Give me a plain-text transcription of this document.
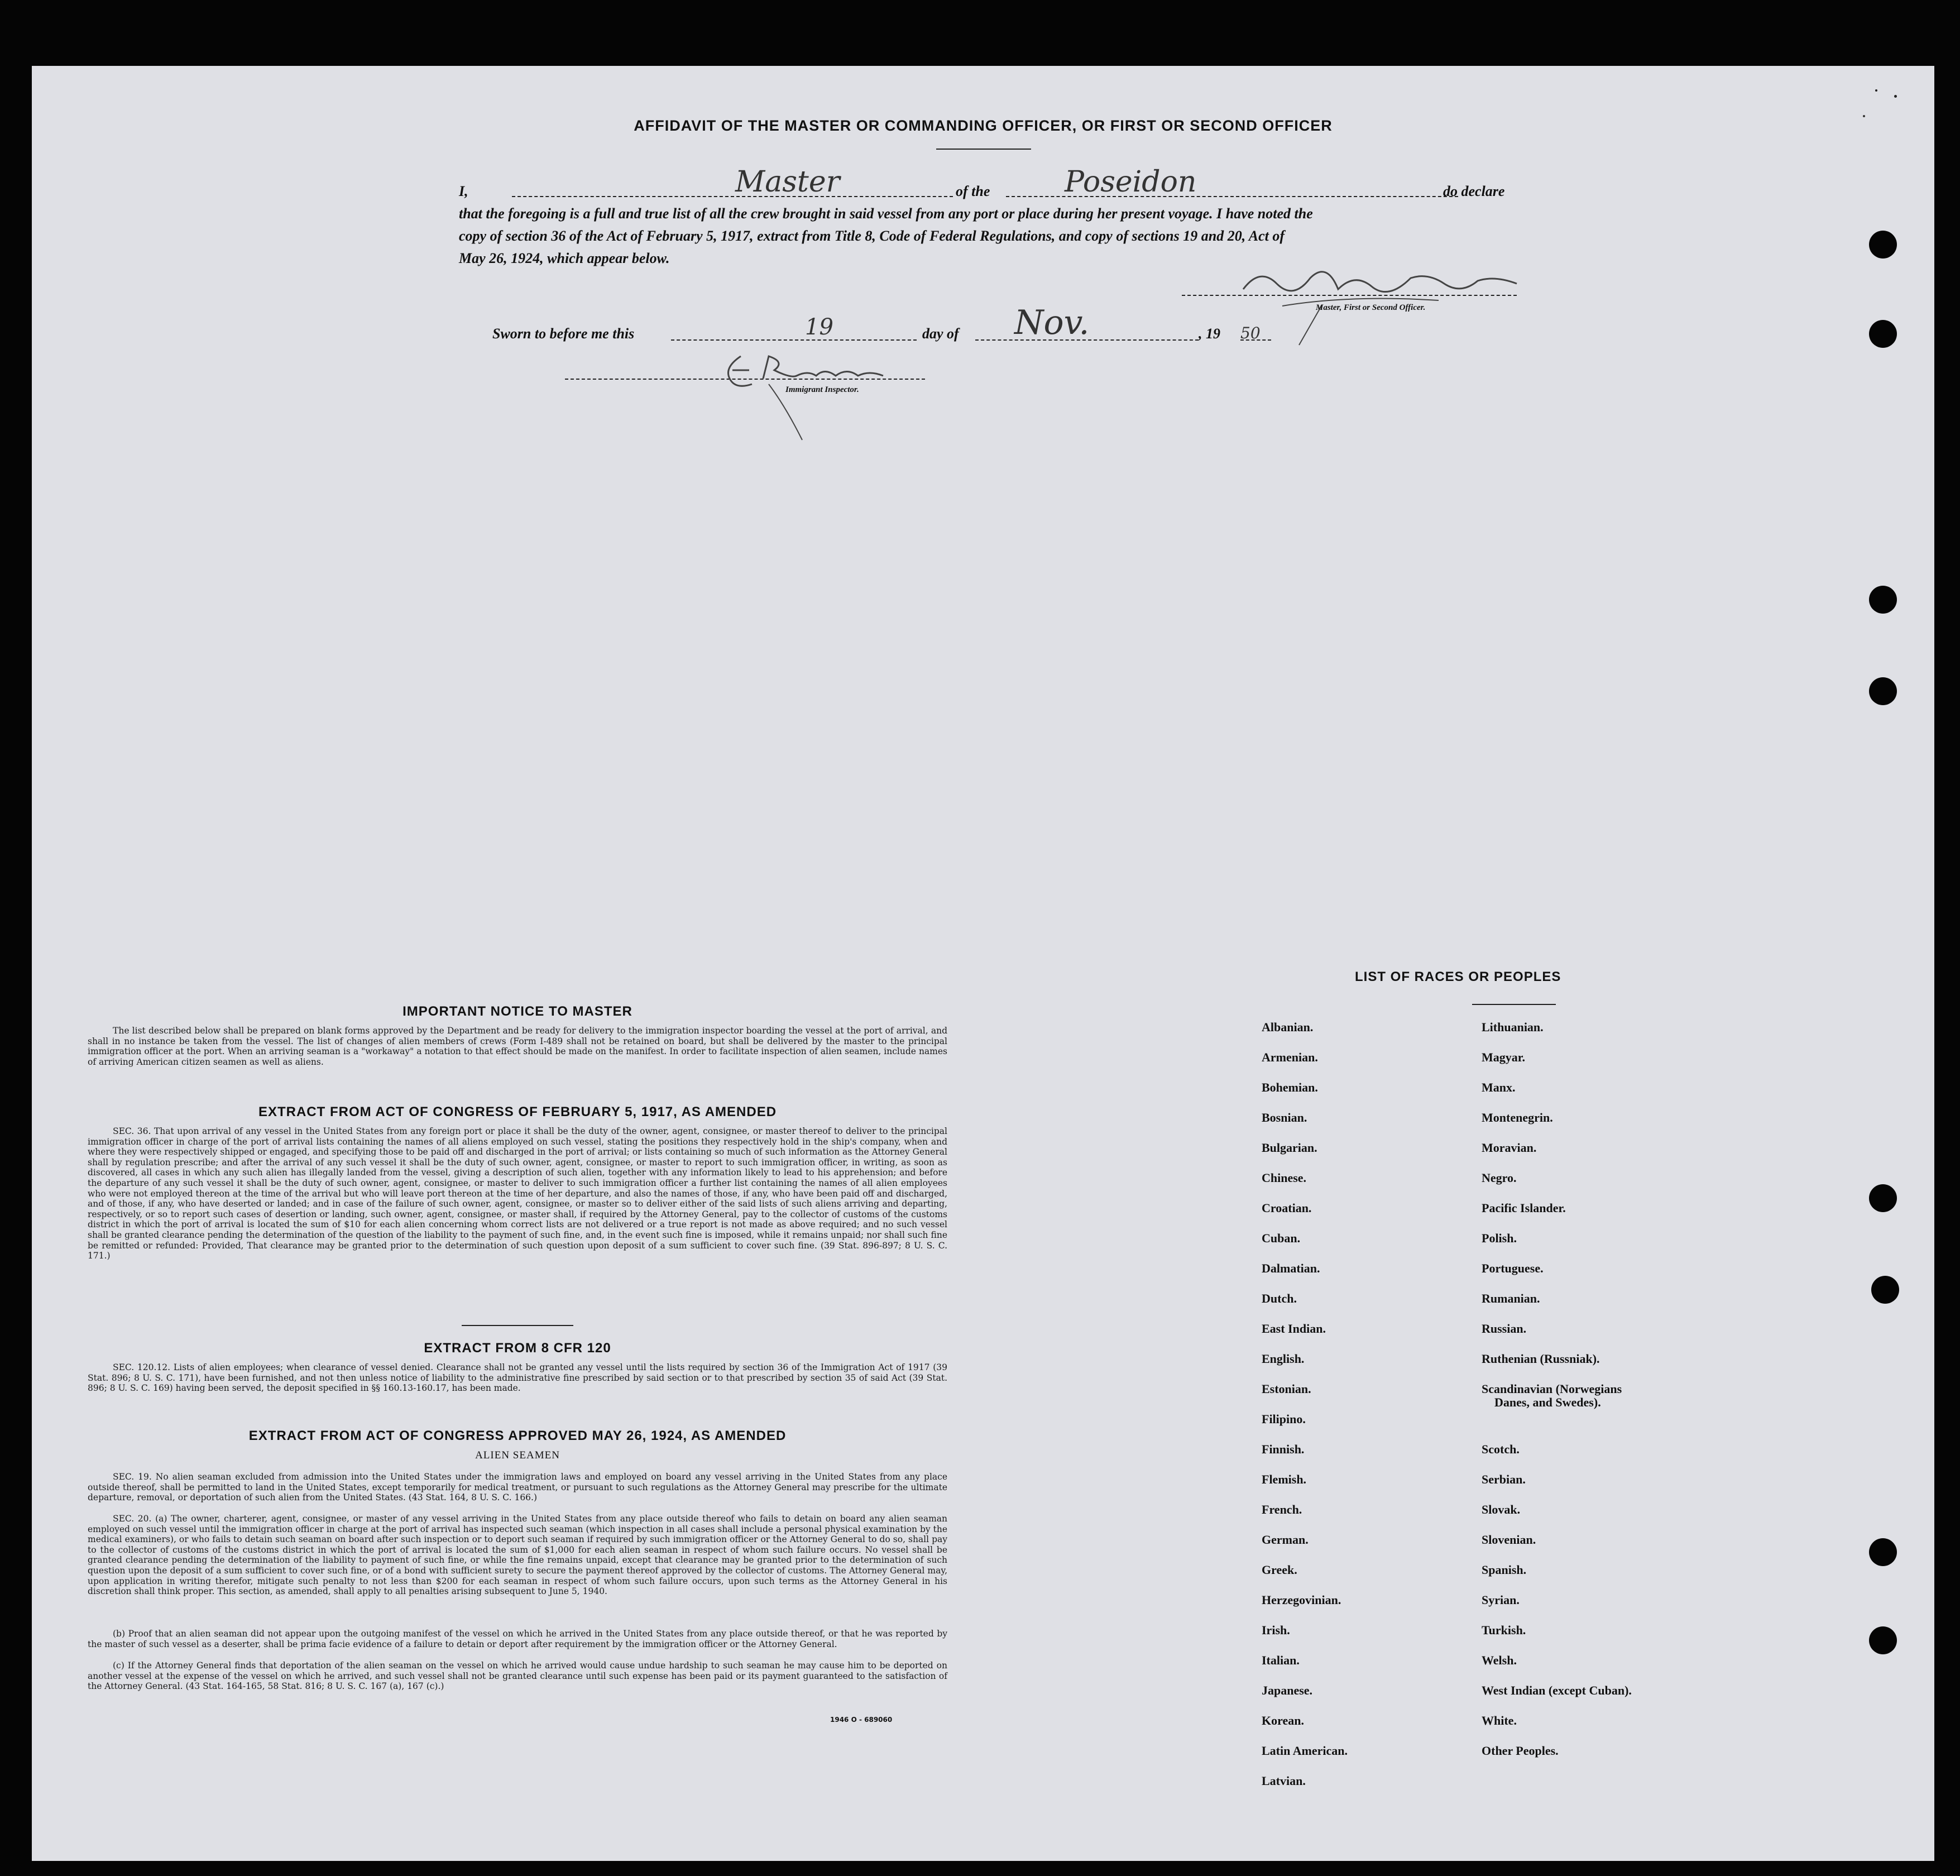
AFFIDAVIT OF THE MASTER OR COMMANDING OFFICER, OR FIRST OR SECOND OFFICER
I,	Master	of the	Poseidon	do declare
that the foregoing is a full and true list of all the crew brought in said vessel from any port or place during her present voyage. I have noted the
copy of section 36 of the Act of February 5, 1917, extract from Title 8, Code of Federal Regulations, and copy of sections 19 and 20, Act of
May 26, 1924, which appear below.
Master, First or Second Officer.
Sworn to before me this	19	day of Nov.	, 19 50
Immigrant Inspector.
IMPORTANT NOTICE TO MASTER
The list described below shall be prepared on blank forms approved by the Department and be ready for delivery to the immigration inspector boarding the vessel at the port of arrival, and shall in no instance be taken from the vessel. The list of changes of alien members of crews (Form I-489 shall not be retained on board, but shall be delivered by the master to the principal immigration officer at the port. When an arriving seaman is a "workaway" a notation to that effect should be made on the manifest. In order to facilitate inspection of alien seamen, include names of arriving American citizen seamen as well as aliens.
EXTRACT FROM ACT OF CONGRESS OF FEBRUARY 5, 1917, AS AMENDED
SEC. 36. That upon arrival of any vessel in the United States from any foreign port or place it shall be the duty of the owner, agent, consignee, or master thereof to deliver to the principal immigration officer in charge of the port of arrival lists containing the names of all aliens employed on such vessel, stating the positions they respectively hold in the ship's company, when and where they were respectively shipped or engaged, and specifying those to be paid off and discharged in the port of arrival; or lists containing so much of such information as the Attorney General shall by regulation prescribe; and after the arrival of any such vessel it shall be the duty of such owner, agent, consignee, or master to report to such immigration officer, in writing, as soon as discovered, all cases in which any such alien has illegally landed from the vessel, giving a description of such alien, together with any information likely to lead to his apprehension; and before the departure of any such vessel it shall be the duty of such owner, agent, consignee, or master to deliver to such immigration officer a further list containing the names of all alien employees who were not employed thereon at the time of the arrival but who will leave port thereon at the time of her departure, and also the names of those, if any, who have been paid off and discharged, and of those, if any, who have deserted or landed; and in case of the failure of such owner, agent, consignee, or master so to deliver either of the said lists of such aliens arriving and departing, respectively, or so to report such cases of desertion or landing, such owner, agent, consignee, or master shall, if required by the Attorney General, pay to the collector of customs of the customs district in which the port of arrival is located the sum of $10 for each alien concerning whom correct lists are not delivered or a true report is not made as above required; and no such vessel shall be granted clearance pending the determination of the question of the liability to the payment of such fine, and, in the event such fine is imposed, while it remains unpaid; nor shall such fine be remitted or refunded: Provided, That clearance may be granted prior to the determination of such question upon deposit of a sum sufficient to cover such fine. (39 Stat. 896-897; 8 U. S. C. 171.)
EXTRACT FROM 8 CFR 120
SEC. 120.12. Lists of alien employees; when clearance of vessel denied. Clearance shall not be granted any vessel until the lists required by section 36 of the Immigration Act of 1917 (39 Stat. 896; 8 U. S. C. 171), have been furnished, and not then unless notice of liability to the administrative fine prescribed by said section or to that prescribed by section 35 of said Act (39 Stat. 896; 8 U. S. C. 169) having been served, the deposit specified in §§ 160.13-160.17, has been made.
EXTRACT FROM ACT OF CONGRESS APPROVED MAY 26, 1924, AS AMENDED
ALIEN SEAMEN
SEC. 19. No alien seaman excluded from admission into the United States under the immigration laws and employed on board any vessel arriving in the United States from any place outside thereof, shall be permitted to land in the United States, except temporarily for medical treatment, or pursuant to such regulations as the Attorney General may prescribe for the ultimate departure, removal, or deportation of such alien from the United States. (43 Stat. 164, 8 U. S. C. 166.)
SEC. 20. (a) The owner, charterer, agent, consignee, or master of any vessel arriving in the United States from any place outside thereof who fails to detain on board any alien seaman employed on such vessel until the immigration officer in charge at the port of arrival has inspected such seaman (which inspection in all cases shall include a personal physical examination by the medical examiners), or who fails to detain such seaman on board after such inspection or to deport such seaman if required by such immigration officer or the Attorney General to do so, shall pay to the collector of customs of the customs district in which the port of arrival is located the sum of $1,000 for each alien seaman in respect of whom such failure occurs. No vessel shall be granted clearance pending the determination of the liability to payment of such fine, or while the fine remains unpaid, except that clearance may be granted prior to the determination of such question upon the deposit of a sum sufficient to cover such fine, or of a bond with sufficient surety to secure the payment thereof approved by the collector of customs. The Attorney General may, upon application in writing therefor, mitigate such penalty to not less than $200 for each seaman in respect of whom such failure occurs, upon such terms as the Attorney General in his discretion shall think proper. This section, as amended, shall apply to all penalties arising subsequent to June 5, 1940.
(b) Proof that an alien seaman did not appear upon the outgoing manifest of the vessel on which he arrived in the United States from any place outside thereof, or that he was reported by the master of such vessel as a deserter, shall be prima facie evidence of a failure to detain or deport after requirement by the immigration officer or the Attorney General.
(c) If the Attorney General finds that deportation of the alien seaman on the vessel on which he arrived would cause undue hardship to such seaman he may cause him to be deported on another vessel at the expense of the vessel on which he arrived, and such vessel shall not be granted clearance until such expense has been paid or its payment guaranteed to the satisfaction of the Attorney General. (43 Stat. 164-165, 58 Stat. 816; 8 U. S. C. 167 (a), 167 (c).)
1946 O - 689060
LIST OF RACES OR PEOPLES
Albanian.
Armenian.
Bohemian.
Bosnian.
Bulgarian.
Chinese.
Croatian.
Cuban.
Dalmatian.
Dutch.
East Indian.
English.
Estonian.
Filipino.
Finnish.
Flemish.
French.
German.
Greek.
Herzegovinian.
Irish.
Italian.
Japanese.
Korean.
Latin American.
Latvian.
Lithuanian.
Magyar.
Manx.
Montenegrin.
Moravian.
Negro.
Pacific Islander.
Polish.
Portuguese.
Rumanian.
Russian.
Ruthenian (Russniak).
Scandinavian (Norwegians
Danes, and Swedes).
Scotch.
Serbian.
Slovak.
Slovenian.
Spanish.
Syrian.
Turkish.
Welsh.
West Indian (except Cuban).
White.
Other Peoples.
